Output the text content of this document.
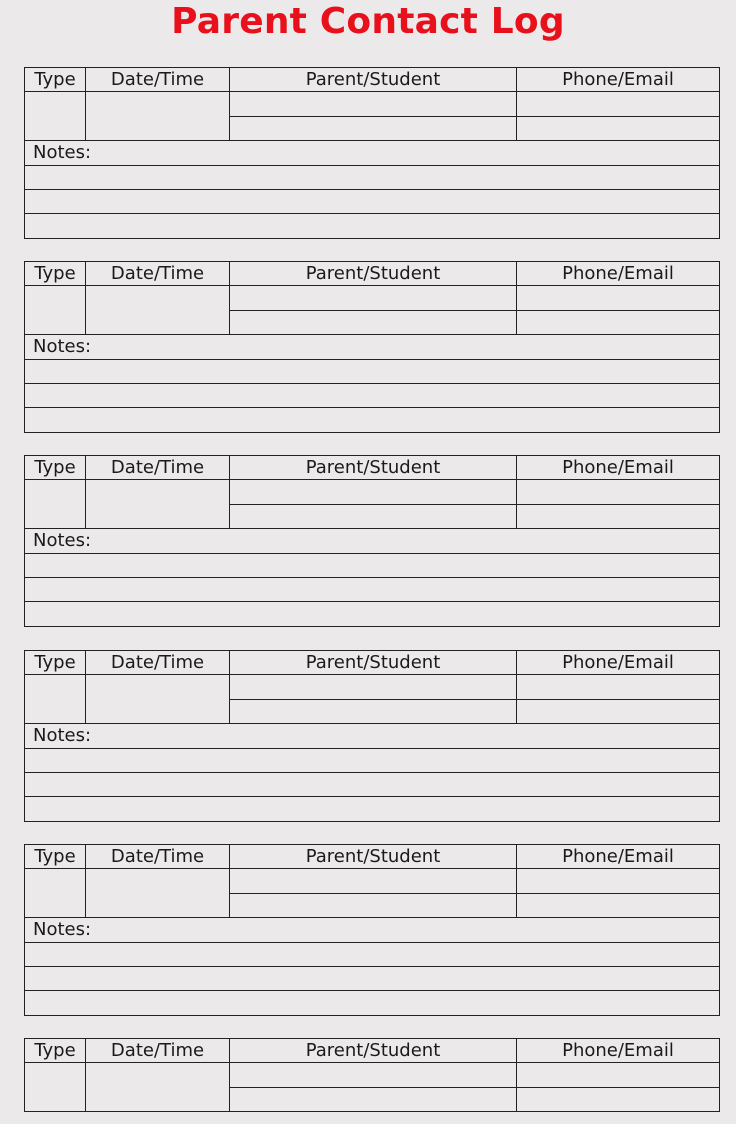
Parent Contact Log
Type	Date/Time	Parent/Student	Phone/Email
Notes:
Type	Date/Time	Parent/Student	Phone/Email
Notes:
Type	Date/Time	Parent/Student	Phone/Email
Notes:
Type	Date/Time	Parent/Student	Phone/Email
Notes:
Type	Date/Time	Parent/Student	Phone/Email
Notes:
Type	Date/Time	Parent/Student	Phone/Email
